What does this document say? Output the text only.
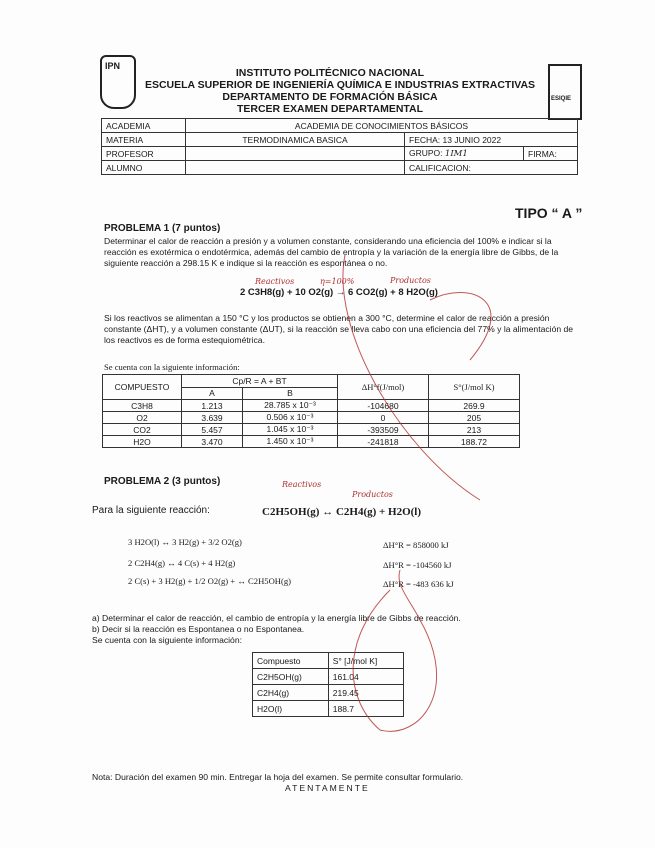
IPN
ESIQIE
INSTITUTO POLITÉCNICO NACIONAL
ESCUELA SUPERIOR DE INGENIERÍA QUÍMICA E INDUSTRIAS EXTRACTIVAS
DEPARTAMENTO DE FORMACIÓN BÁSICA
TERCER EXAMEN DEPARTAMENTAL
ACADEMIA	ACADEMIA DE CONOCIMIENTOS BÁSICOS		
MATERIA	TERMODINAMICA BASICA	FECHA: 13 JUNIO 2022	
PROFESOR		GRUPO: 1IM1	FIRMA:
ALUMNO		CALIFICACION:	
TIPO “ A ”
PROBLEMA 1 (7 puntos)
Determinar el calor de reacción a presión y a volumen constante, considerando una eficiencia del 100% e indicar si la reacción es exotérmica o endotérmica, además del cambio de entropía y la variación de la energía libre de Gibbs, de la siguiente reacción a 298.15 K e indique si la reacción es espontánea o no.
2 C3H8(g) + 10 O2(g) → 6 CO2(g) + 8 H2O(g)
Si los reactivos se alimentan a 150 °C y los productos se obtienen a 300 °C, determine el calor de reacción a presión constante (ΔHT), y a volumen constante (ΔUT), si la reacción se lleva cabo con una eficiencia del 77% y la alimentación de los reactivos es de forma estequiométrica.
Se cuenta con la siguiente información:
Reactivos	η=100%	Productos
COMPUESTO	Cp/R = A + BT		ΔH°f(J/mol)	S°(J/mol K)
	A	B		
C3H8	1.213	28.785 x 10⁻³	-104680	269.9
O2	3.639	0.506 x 10⁻³	0	205
CO2	5.457	1.045 x 10⁻³	-393509	213
H2O	3.470	1.450 x 10⁻³	-241818	188.72
PROBLEMA 2 (3 puntos)
Para la siguiente reacción:	C2H5OH(g) ↔ C2H4(g) + H2O(l)
Reactivos
Productos
3 H2O(l) ↔ 3 H2(g) + 3/2 O2(g)	ΔH°R = 858000 kJ
2 C2H4(g) ↔ 4 C(s) + 4 H2(g)	ΔH°R = -104560 kJ
2 C(s) + 3 H2(g) + 1/2 O2(g) + ↔ C2H5OH(g)	ΔH°R = -483 636 kJ
a) Determinar el calor de reacción, el cambio de entropía y la energía libre de Gibbs de reacción.
b) Decir si la reacción es Espontanea o no Espontanea.
Se cuenta con la siguiente información:
Compuesto	S° [J/mol K]
C2H5OH(g)	161.04
C2H4(g)	219.45
H2O(l)	188.7
Nota: Duración del examen 90 min. Entregar la hoja del examen. Se permite consultar formulario.
ATENTAMENTE
